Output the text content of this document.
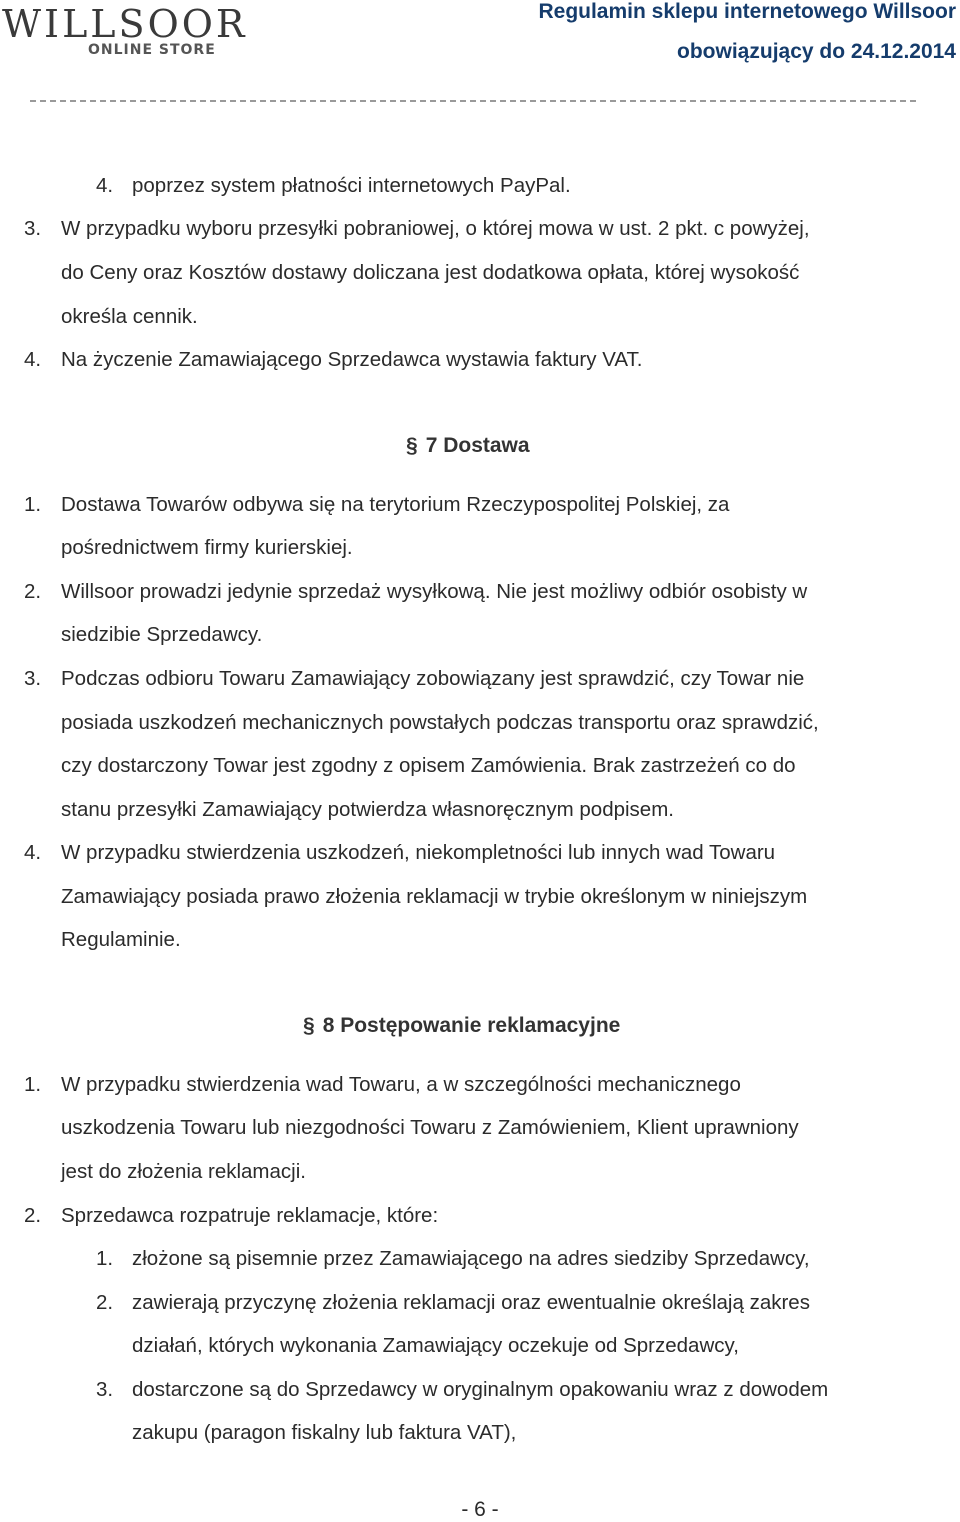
WILLSOOR
ONLINE STORE
Regulamin sklepu internetowego Willsoor
obowiązujący do 24.12.2014
4. poprzez system płatności internetowych PayPal.
3. W przypadku wyboru przesyłki pobraniowej, o której mowa w ust. 2 pkt. c powyżej,
do Ceny oraz Kosztów dostawy doliczana jest dodatkowa opłata, której wysokość
określa cennik.
4. Na życzenie Zamawiającego Sprzedawca wystawia faktury VAT.
§ 7 Dostawa
1. Dostawa Towarów odbywa się na terytorium Rzeczypospolitej Polskiej, za
pośrednictwem firmy kurierskiej.
2. Willsoor prowadzi jedynie sprzedaż wysyłkową. Nie jest możliwy odbiór osobisty w
siedzibie Sprzedawcy.
3. Podczas odbioru Towaru Zamawiający zobowiązany jest sprawdzić, czy Towar nie
posiada uszkodzeń mechanicznych powstałych podczas transportu oraz sprawdzić,
czy dostarczony Towar jest zgodny z opisem Zamówienia. Brak zastrzeżeń co do
stanu przesyłki Zamawiający potwierdza własnoręcznym podpisem.
4. W przypadku stwierdzenia uszkodzeń, niekompletności lub innych wad Towaru
Zamawiający posiada prawo złożenia reklamacji w trybie określonym w niniejszym
Regulaminie.
§ 8 Postępowanie reklamacyjne
1. W przypadku stwierdzenia wad Towaru, a w szczególności mechanicznego
uszkodzenia Towaru lub niezgodności Towaru z Zamówieniem, Klient uprawniony
jest do złożenia reklamacji.
2. Sprzedawca rozpatruje reklamacje, które:
1. złożone są pisemnie przez Zamawiającego na adres siedziby Sprzedawcy,
2. zawierają przyczynę złożenia reklamacji oraz ewentualnie określają zakres
działań, których wykonania Zamawiający oczekuje od Sprzedawcy,
3. dostarczone są do Sprzedawcy w oryginalnym opakowaniu wraz z dowodem
zakupu (paragon fiskalny lub faktura VAT),
- 6 -
